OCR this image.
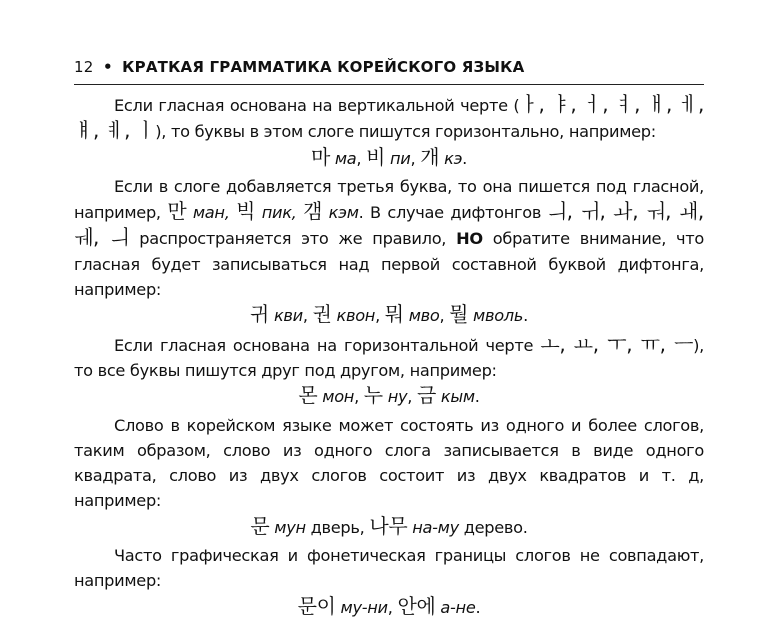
12 • КРАТКАЯ ГРАММАТИКА КОРЕЙСКОГО ЯЗЫКА

Если гласная основана на вертикальной черте (ㅏ, ㅑ, ㅓ, ㅕ, ㅐ, ㅔ, ㅒ, ㅖ, ㅣ), то буквы в этом слоге пишутся горизонтально, например:

마 ма, 비 пи, 개 кэ.

Если в слоге добавляется третья буква, то она пишется под гласной, например, 만 ман, 빅 пик, 갬 кэм. В случае дифтонгов ㅢ, ㅟ, ㅘ, ㅝ, ㅙ, ㅞ, ㅢ распространяется это же правило, НО обратите внимание, что гласная будет записываться над первой составной буквой дифтонга, например:

귀 кви, 권 квон, 뭐 мво, 뭘 мволь.

Если гласная основана на горизонтальной черте ㅗ, ㅛ, ㅜ, ㅠ, ㅡ), то все буквы пишутся друг под другом, например:

몬 мон, 누 ну, 금 кым.

Слово в корейском языке может состоять из одного и более слогов, таким образом, слово из одного слога записывается в виде одного квадрата, слово из двух слогов состоит из двух квадратов и т. д, например:

문 мун дверь, 나무 на-му дерево.

Часто графическая и фонетическая границы слогов не совпадают, например:

문이 му-ни, 안에 а-не.
